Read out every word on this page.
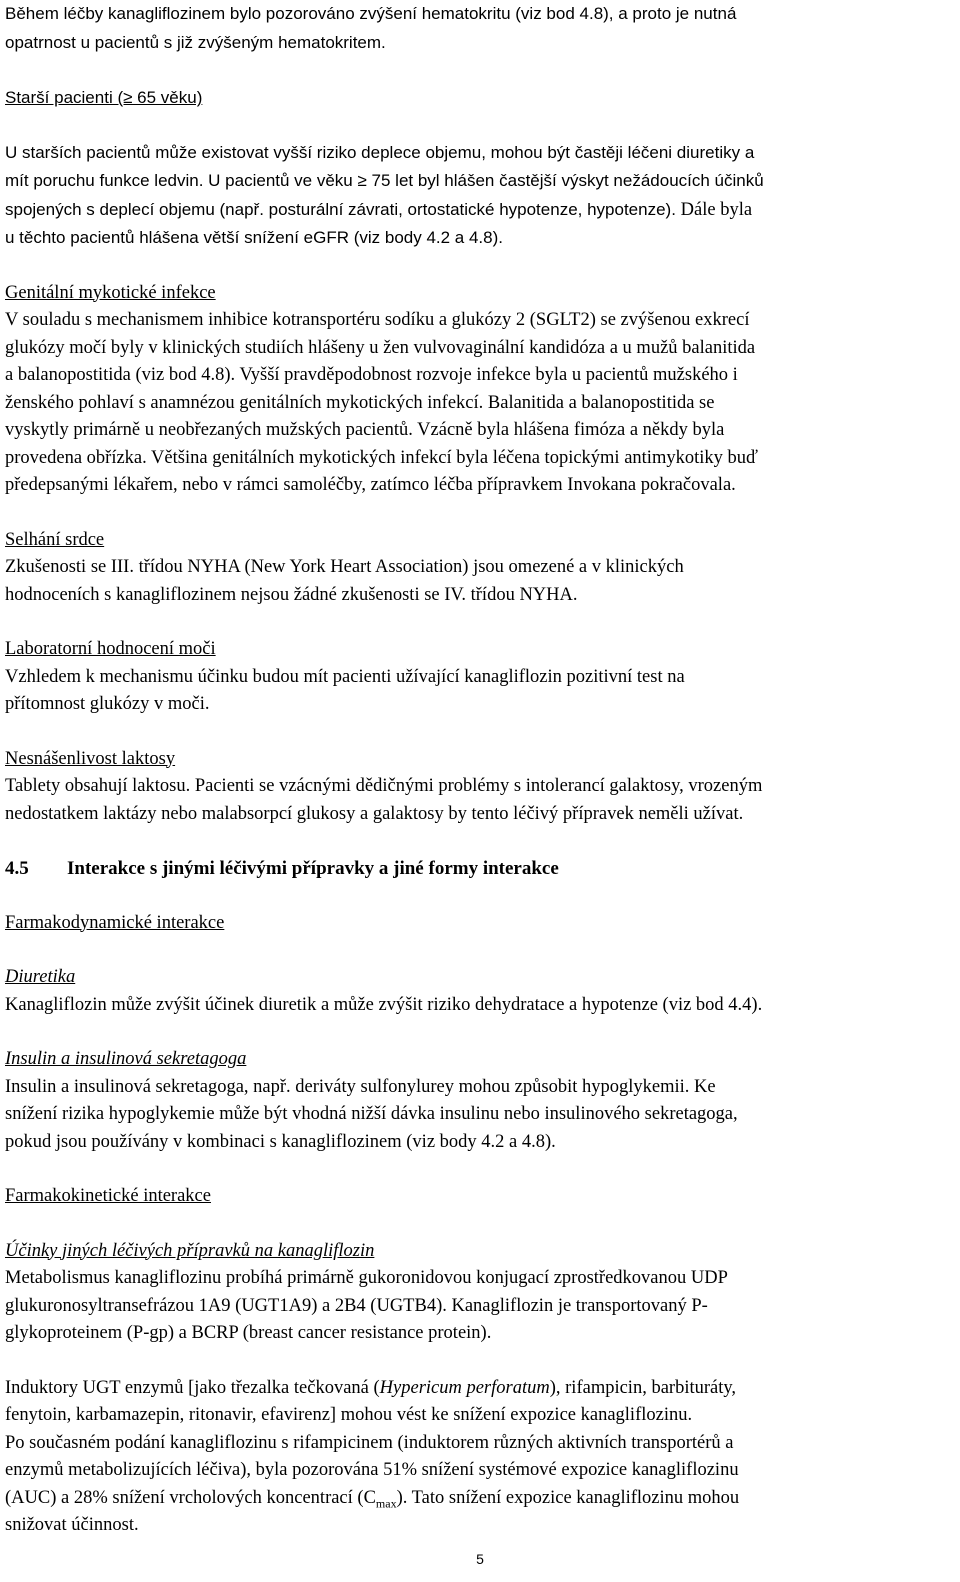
Během léčby kanagliflozinem bylo pozorováno zvýšení hematokritu (viz bod 4.8), a proto je nutná
opatrnost u pacientů s již zvýšeným hematokritem.

Starší pacienti (≥ 65 věku)

U starších pacientů může existovat vyšší riziko deplece objemu, mohou být častěji léčeni diuretiky a
mít poruchu funkce ledvin. U pacientů ve věku ≥ 75 let byl hlášen častější výskyt nežádoucích účinků
spojených s deplecí objemu (např. posturální závrati, ortostatické hypotenze, hypotenze). Dále byla
u těchto pacientů hlášena větší snížení eGFR (viz body 4.2 a 4.8).

Genitální mykotické infekce

V souladu s mechanismem inhibice kotransportéru sodíku a glukózy 2 (SGLT2) se zvýšenou exkrecí
glukózy močí byly v klinických studiích hlášeny u žen vulvovaginální kandidóza a u mužů balanitida
a balanopostitida (viz bod 4.8). Vyšší pravděpodobnost rozvoje infekce byla u pacientů mužského i
ženského pohlaví s anamnézou genitálních mykotických infekcí. Balanitida a balanopostitida se
vyskytly primárně u neobřezaných mužských pacientů. Vzácně byla hlášena fimóza a někdy byla
provedena obřízka. Většina genitálních mykotických infekcí byla léčena topickými antimykotiky buď
předepsanými lékařem, nebo v rámci samoléčby, zatímco léčba přípravkem Invokana pokračovala.

Selhání srdce

Zkušenosti se III. třídou NYHA (New York Heart Association) jsou omezené a v klinických
hodnoceních s kanagliflozinem nejsou žádné zkušenosti se IV. třídou NYHA.

Laboratorní hodnocení moči

Vzhledem k mechanismu účinku budou mít pacienti užívající kanagliflozin pozitivní test na
přítomnost glukózy v moči.

Nesnášenlivost laktosy

Tablety obsahují laktosu. Pacienti se vzácnými dědičnými problémy s intolerancí galaktosy, vrozeným
nedostatkem laktázy nebo malabsorpcí glukosy a galaktosy by tento léčivý přípravek neměli užívat.

4.5 Interakce s jinými léčivými přípravky a jiné formy interakce

Farmakodynamické interakce

Diuretika

Kanagliflozin může zvýšit účinek diuretik a může zvýšit riziko dehydratace a hypotenze (viz bod 4.4).

Insulin a insulinová sekretagoga

Insulin a insulinová sekretagoga, např. deriváty sulfonylurey mohou způsobit hypoglykemii. Ke
snížení rizika hypoglykemie může být vhodná nižší dávka insulinu nebo insulinového sekretagoga,
pokud jsou používány v kombinaci s kanagliflozinem (viz body 4.2 a 4.8).

Farmakokinetické interakce

Účinky jiných léčivých přípravků na kanagliflozin

Metabolismus kanagliflozinu probíhá primárně gukoronidovou konjugací zprostředkovanou UDP
glukuronosyltransefrázou 1A9 (UGT1A9) a 2B4 (UGTB4). Kanagliflozin je transportovaný P-
glykoproteinem (P-gp) a BCRP (breast cancer resistance protein).

Induktory UGT enzymů [jako třezalka tečkovaná (Hypericum perforatum), rifampicin, barbituráty,
fenytoin, karbamazepin, ritonavir, efavirenz] mohou vést ke snížení expozice kanagliflozinu.

Po současném podání kanagliflozinu s rifampicinem (induktorem různých aktivních transportérů a
enzymů metabolizujících léčiva), byla pozorována 51% snížení systémové expozice kanagliflozinu
(AUC) a 28% snížení vrcholových koncentrací $(C_{max})$. Tato snížení expozice kanagliflozinu mohou
snižovat účinnost.

5
